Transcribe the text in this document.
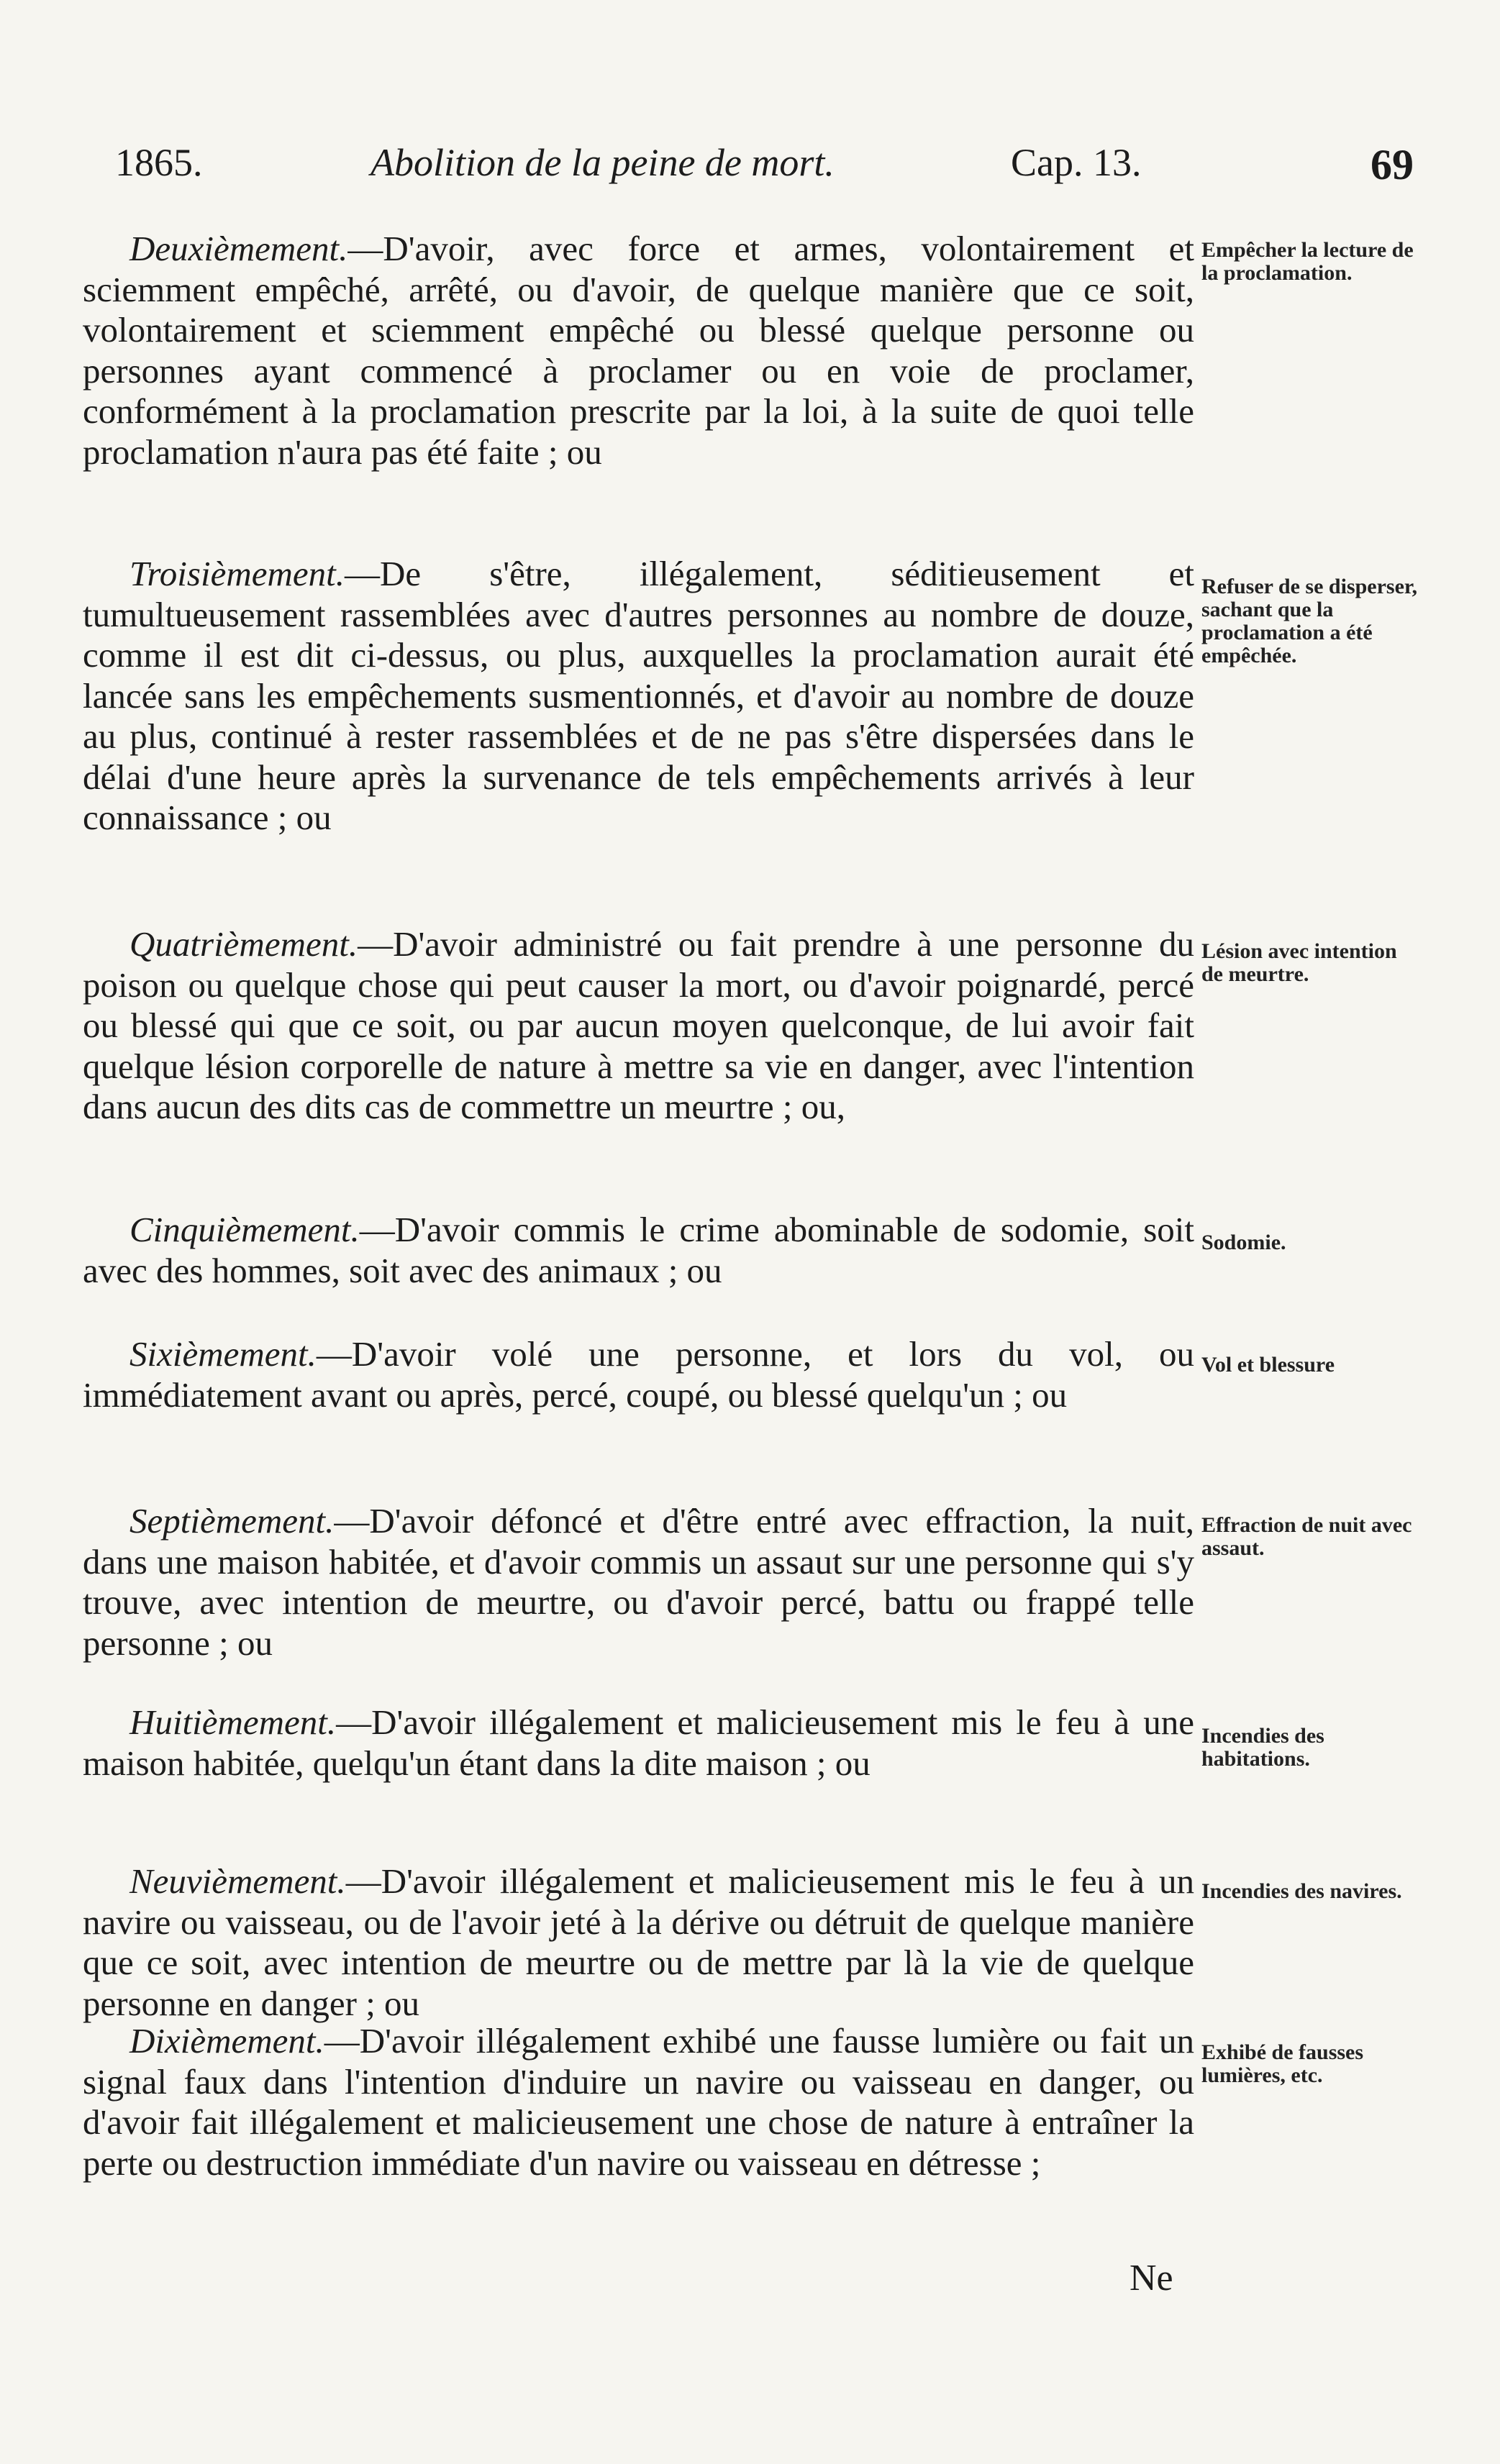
1865.	Abolition de la peine de mort.	Cap. 13.	69

Deuxièmement.—D'avoir, avec force et armes, volontairement et sciemment empêché, arrêté, ou d'avoir, de quelque manière que ce soit, volontairement et sciemment empêché ou blessé quelque personne ou personnes ayant commencé à proclamer ou en voie de proclamer, conformément à la proclamation prescrite par la loi, à la suite de quoi telle proclamation n'aura pas été faite ; ou

Empêcher la lecture de la proclamation.

Troisièmement.—De s'être, illégalement, séditieusement et tumultueusement rassemblées avec d'autres personnes au nombre de douze, comme il est dit ci-dessus, ou plus, auxquelles la proclamation aurait été lancée sans les empêchements susmentionnés, et d'avoir au nombre de douze au plus, continué à rester rassemblées et de ne pas s'être dispersées dans le délai d'une heure après la survenance de tels empêchements arrivés à leur connaissance ; ou

Refuser de se disperser, sachant que la proclamation a été empêchée.

Quatrièmement.—D'avoir administré ou fait prendre à une personne du poison ou quelque chose qui peut causer la mort, ou d'avoir poignardé, percé ou blessé qui que ce soit, ou par aucun moyen quelconque, de lui avoir fait quelque lésion corporelle de nature à mettre sa vie en danger, avec l'intention dans aucun des dits cas de commettre un meurtre ; ou,

Lésion avec intention de meurtre.

Cinquièmement.—D'avoir commis le crime abominable de sodomie, soit avec des hommes, soit avec des animaux ; ou

Sodomie.

Sixièmement.—D'avoir volé une personne, et lors du vol, ou immédiatement avant ou après, percé, coupé, ou blessé quelqu'un ; ou

Vol et blessure

Septièmement.—D'avoir défoncé et d'être entré avec effraction, la nuit, dans une maison habitée, et d'avoir commis un assaut sur une personne qui s'y trouve, avec intention de meurtre, ou d'avoir percé, battu ou frappé telle personne ; ou

Effraction de nuit avec assaut.

Huitièmement.—D'avoir illégalement et malicieusement mis le feu à une maison habitée, quelqu'un étant dans la dite maison ; ou

Incendies des habitations.

Neuvièmement.—D'avoir illégalement et malicieusement mis le feu à un navire ou vaisseau, ou de l'avoir jeté à la dérive ou détruit de quelque manière que ce soit, avec intention de meurtre ou de mettre par là la vie de quelque personne en danger ; ou

Incendies des navires.

Dixièmement.—D'avoir illégalement exhibé une fausse lumière ou fait un signal faux dans l'intention d'induire un navire ou vaisseau en danger, ou d'avoir fait illégalement et malicieusement une chose de nature à entraîner la perte ou destruction immédiate d'un navire ou vaisseau en détresse ;

Exhibé de fausses lumières, etc.

Ne
